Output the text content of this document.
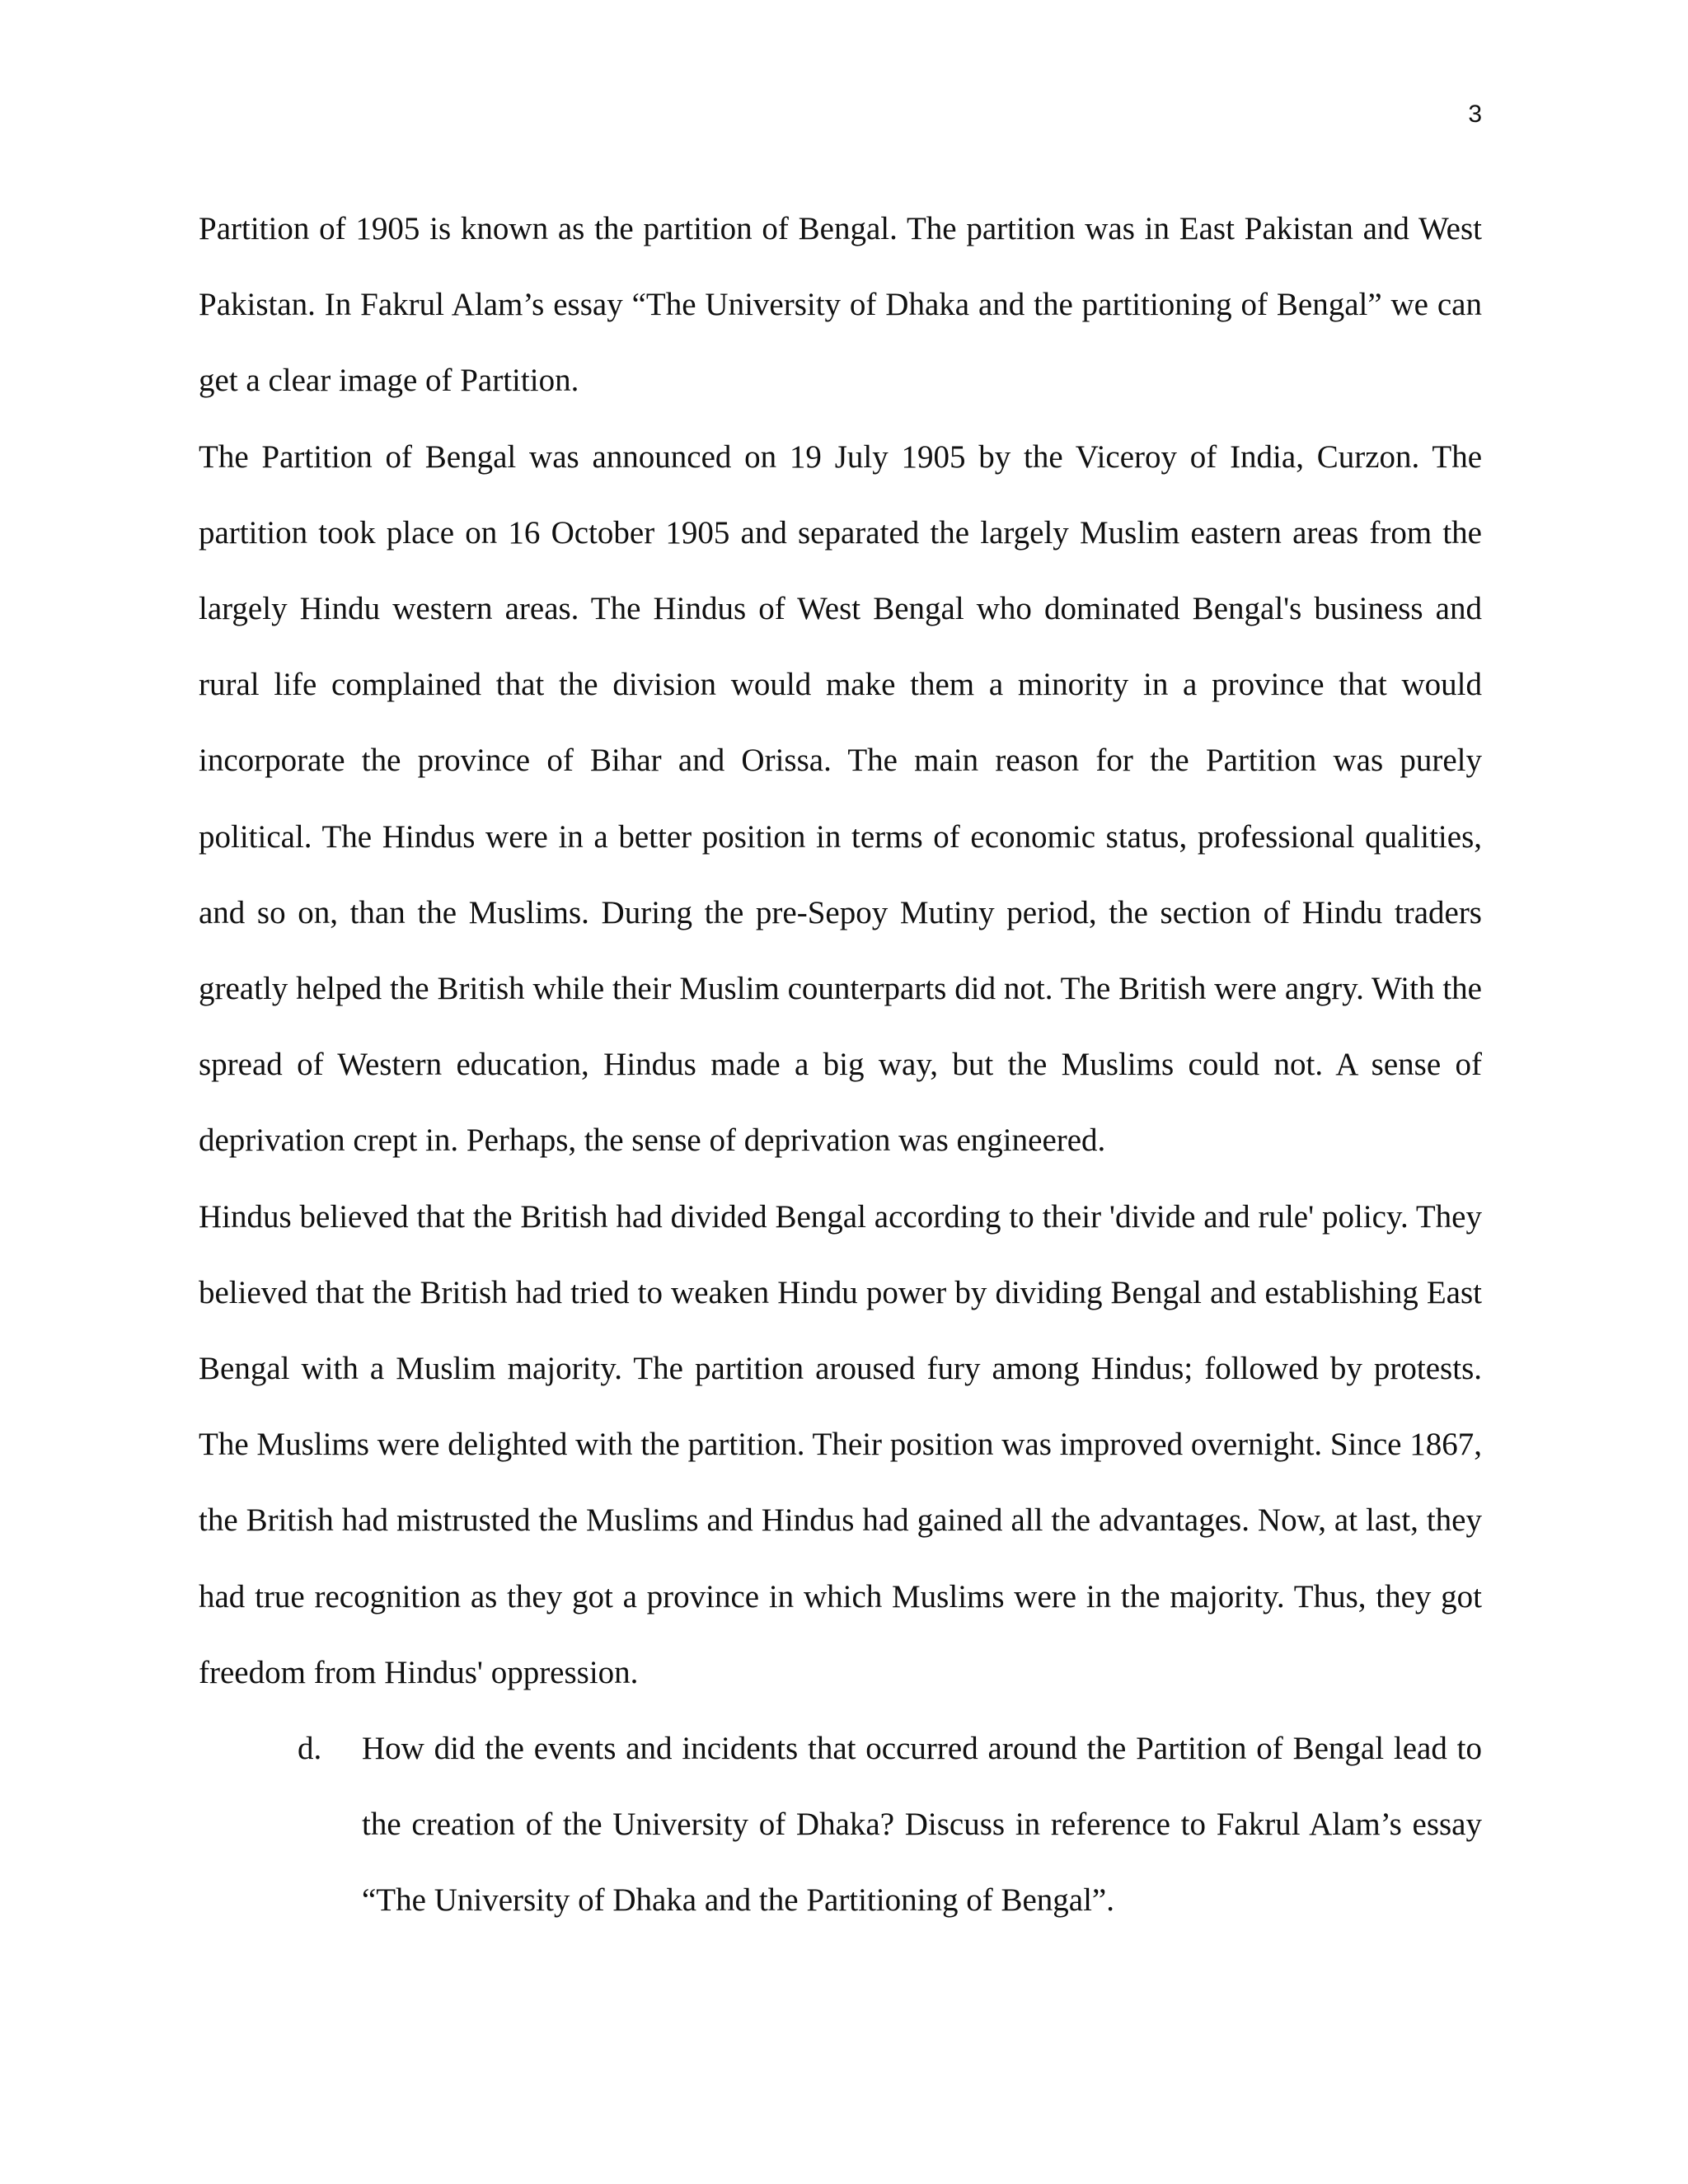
3

Partition of 1905 is known as the partition of Bengal. The partition was in East Pakistan and West Pakistan. In Fakrul Alam’s essay “The University of Dhaka and the partitioning of Bengal” we can get a clear image of Partition.

The Partition of Bengal was announced on 19 July 1905 by the Viceroy of India, Curzon. The partition took place on 16 October 1905 and separated the largely Muslim eastern areas from the largely Hindu western areas. The Hindus of West Bengal who dominated Bengal's business and rural life complained that the division would make them a minority in a province that would incorporate the province of Bihar and Orissa. The main reason for the Partition was purely political. The Hindus were in a better position in terms of economic status, professional qualities, and so on, than the Muslims. During the pre-Sepoy Mutiny period, the section of Hindu traders greatly helped the British while their Muslim counterparts did not. The British were angry. With the spread of Western education, Hindus made a big way, but the Muslims could not. A sense of deprivation crept in. Perhaps, the sense of deprivation was engineered.

Hindus believed that the British had divided Bengal according to their 'divide and rule' policy. They believed that the British had tried to weaken Hindu power by dividing Bengal and establishing East Bengal with a Muslim majority. The partition aroused fury among Hindus; followed by protests. The Muslims were delighted with the partition. Their position was improved overnight. Since 1867, the British had mistrusted the Muslims and Hindus had gained all the advantages. Now, at last, they had true recognition as they got a province in which Muslims were in the majority. Thus, they got freedom from Hindus' oppression.

d.	How did the events and incidents that occurred around the Partition of Bengal lead to the creation of the University of Dhaka? Discuss in reference to Fakrul Alam’s essay “The University of Dhaka and the Partitioning of Bengal”.
